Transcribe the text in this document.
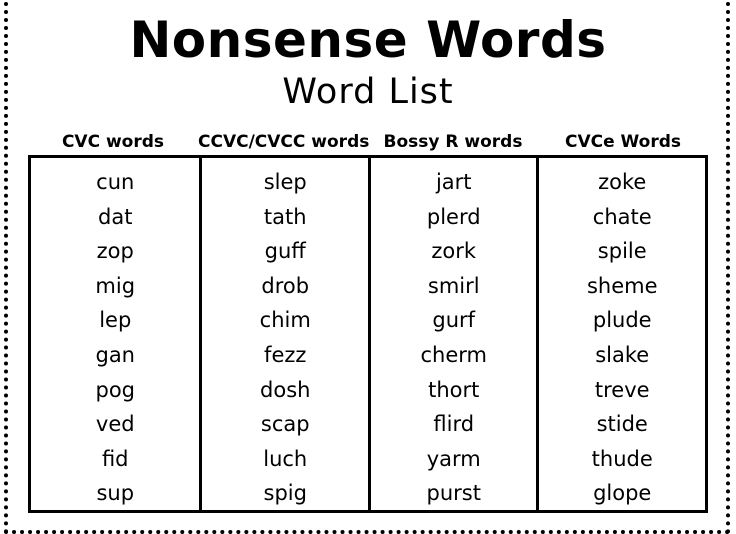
Nonsense Words
Word List
CVC words	CCVC/CVCC words Bossy R words	CVCe Words
cun
dat
zop
mig
lep
gan
pog
ved
fid
sup
slep
tath
guff
drob
chim
fezz
dosh
scap
luch
spig
jart
plerd
zork
smirl
gurf
cherm
thort
flird
yarm
purst
zoke
chate
spile
sheme
plude
slake
treve
stide
thude
glope
